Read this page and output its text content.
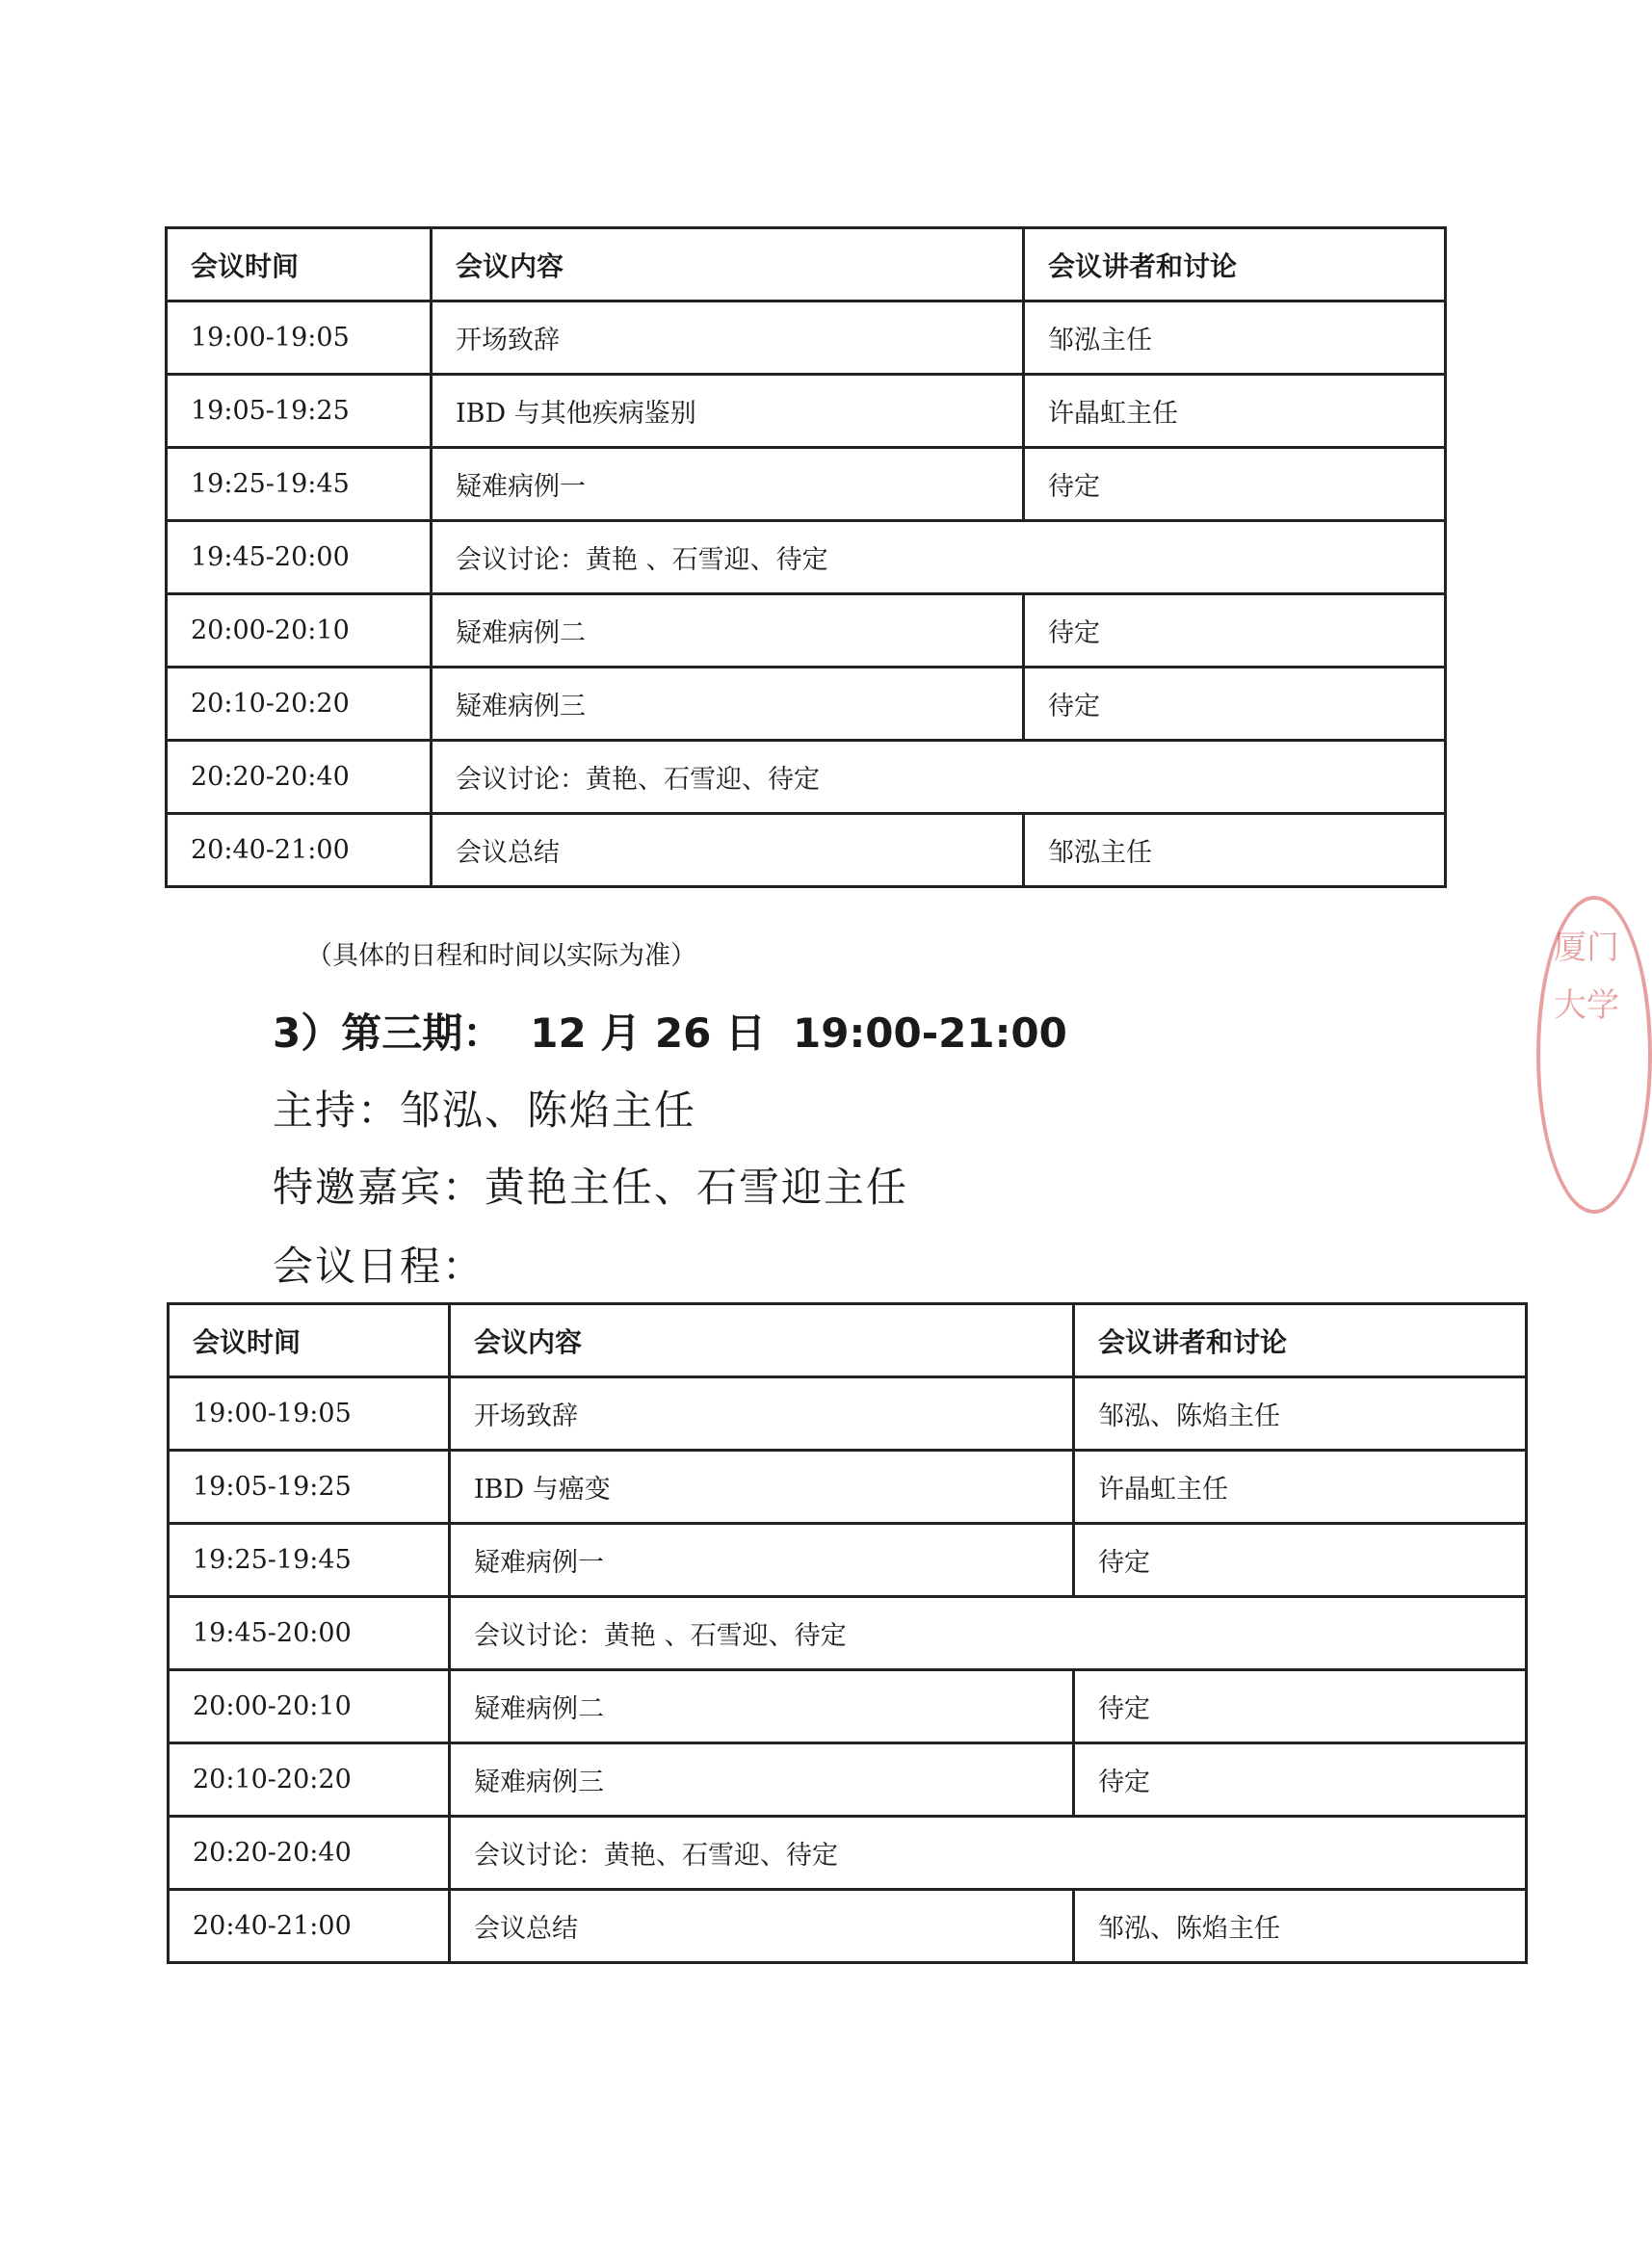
会议时间	会议内容	会议讲者和讨论
19:00-19:05	开场致辞	邹泓主任
19:05-19:25	IBD 与其他疾病鉴别	许晶虹主任
19:25-19:45	疑难病例一	待定
19:45-20:00	会议讨论：黄艳 、石雪迎、待定	
20:00-20:10	疑难病例二	待定
20:10-20:20	疑难病例三	待定
20:20-20:40	会议讨论：黄艳、石雪迎、待定	
20:40-21:00	会议总结	邹泓主任
（具体的日程和时间以实际为准）
3）第三期： 12 月 26 日 19:00-21:00
主持：邹泓、陈焰主任
特邀嘉宾：黄艳主任、石雪迎主任
会议日程：
会议时间	会议内容	会议讲者和讨论
19:00-19:05	开场致辞	邹泓、陈焰主任
19:05-19:25	IBD 与癌变	许晶虹主任
19:25-19:45	疑难病例一	待定
19:45-20:00	会议讨论：黄艳 、石雪迎、待定	
20:00-20:10	疑难病例二	待定
20:10-20:20	疑难病例三	待定
20:20-20:40	会议讨论：黄艳、石雪迎、待定	
20:40-21:00	会议总结	邹泓、陈焰主任
厦门大学
